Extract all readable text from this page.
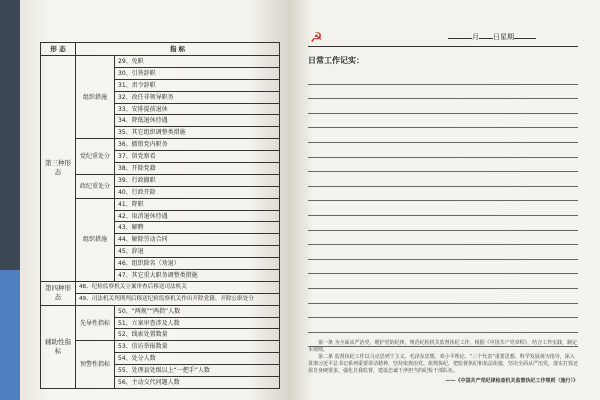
形 态	指 标	
第三种形态	组织措施	29、免职
		30、引咎辞职
		31、责令辞职
		32、改任非领导职务
		33、安排提前退休
		34、降低退休待遇
		35、其它组织调整类措施
	党纪重处分	36、撤销党内职务
		37、留党察看
		38、开除党籍
	政纪重处分	39、行政撤职
		40、行政开除
	组织措施	41、降职
		42、取消退休待遇
		43、解聘
		44、解除劳动合同
		45、辞退
		46、组织除名（劝退）
		47、其它重大职务调整类措施
第四种形态	48、纪检监察机关立案审查后移送司法机关	
	49、司法机关判刑判后移送纪检监察机关作出开除党籍、开除公职处分	
辅助性指标	先导性指标	50、“两规”“两指”人数
		51、立案审查涉及人数
		52、线索处置数量
	预警性指标	53、信访举报数量
		54、处分人数
		55、处理县处级以上“一把手”人数
		56、主动交代问题人数
☭	月 日星期
日常工作记实：

第一条 为全面从严治党，维护党的纪律，规范纪检机关监督执纪工作，根据《中国共产党章程》，结合工作实践，制定本规则。

第二条 监督执纪工作以马克思列宁主义、毛泽东思想、邓小平理论、“三个代表”重要思想、科学发展观为指导，深入贯彻习近平总书记系列重要讲话精神，坚持依规治党、依规执纪，把监督执纪和执法衔接，坚决全面从严治党，落实打铁还需自身硬要求，强化自我监督，建设忠诚干净担当的纪检干部队伍。

——《中国共产党纪律检查机关监督执纪工作规则（施行）》
